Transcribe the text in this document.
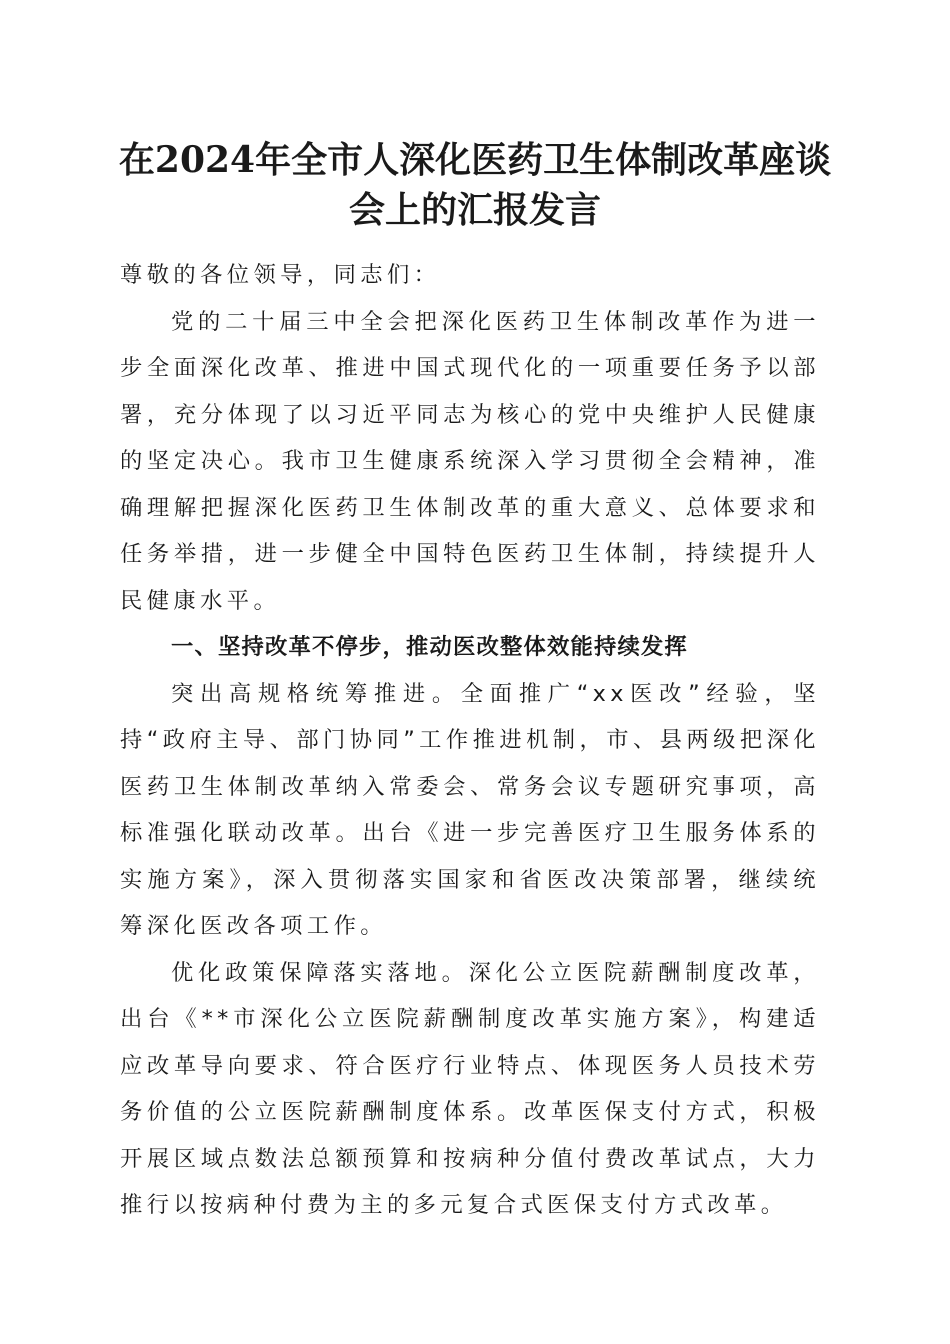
在2024年全市人深化医药卫生体制改革座谈会上的汇报发言

尊敬的各位领导，同志们：

党的二十届三中全会把深化医药卫生体制改革作为进一步全面深化改革、推进中国式现代化的一项重要任务予以部署，充分体现了以习近平同志为核心的党中央维护人民健康的坚定决心。我市卫生健康系统深入学习贯彻全会精神，准确理解把握深化医药卫生体制改革的重大意义、总体要求和任务举措，进一步健全中国特色医药卫生体制，持续提升人民健康水平。

一、坚持改革不停步，推动医改整体效能持续发挥

突出高规格统筹推进。全面推广“xx医改”经验，坚持“政府主导、部门协同”工作推进机制，市、县两级把深化医药卫生体制改革纳入常委会、常务会议专题研究事项，高标准强化联动改革。出台《进一步完善医疗卫生服务体系的实施方案》，深入贯彻落实国家和省医改决策部署，继续统筹深化医改各项工作。

优化政策保障落实落地。深化公立医院薪酬制度改革，出台《**市深化公立医院薪酬制度改革实施方案》，构建适应改革导向要求、符合医疗行业特点、体现医务人员技术劳务价值的公立医院薪酬制度体系。改革医保支付方式，积极开展区域点数法总额预算和按病种分值付费改革试点，大力推行以按病种付费为主的多元复合式医保支付方式改革。
